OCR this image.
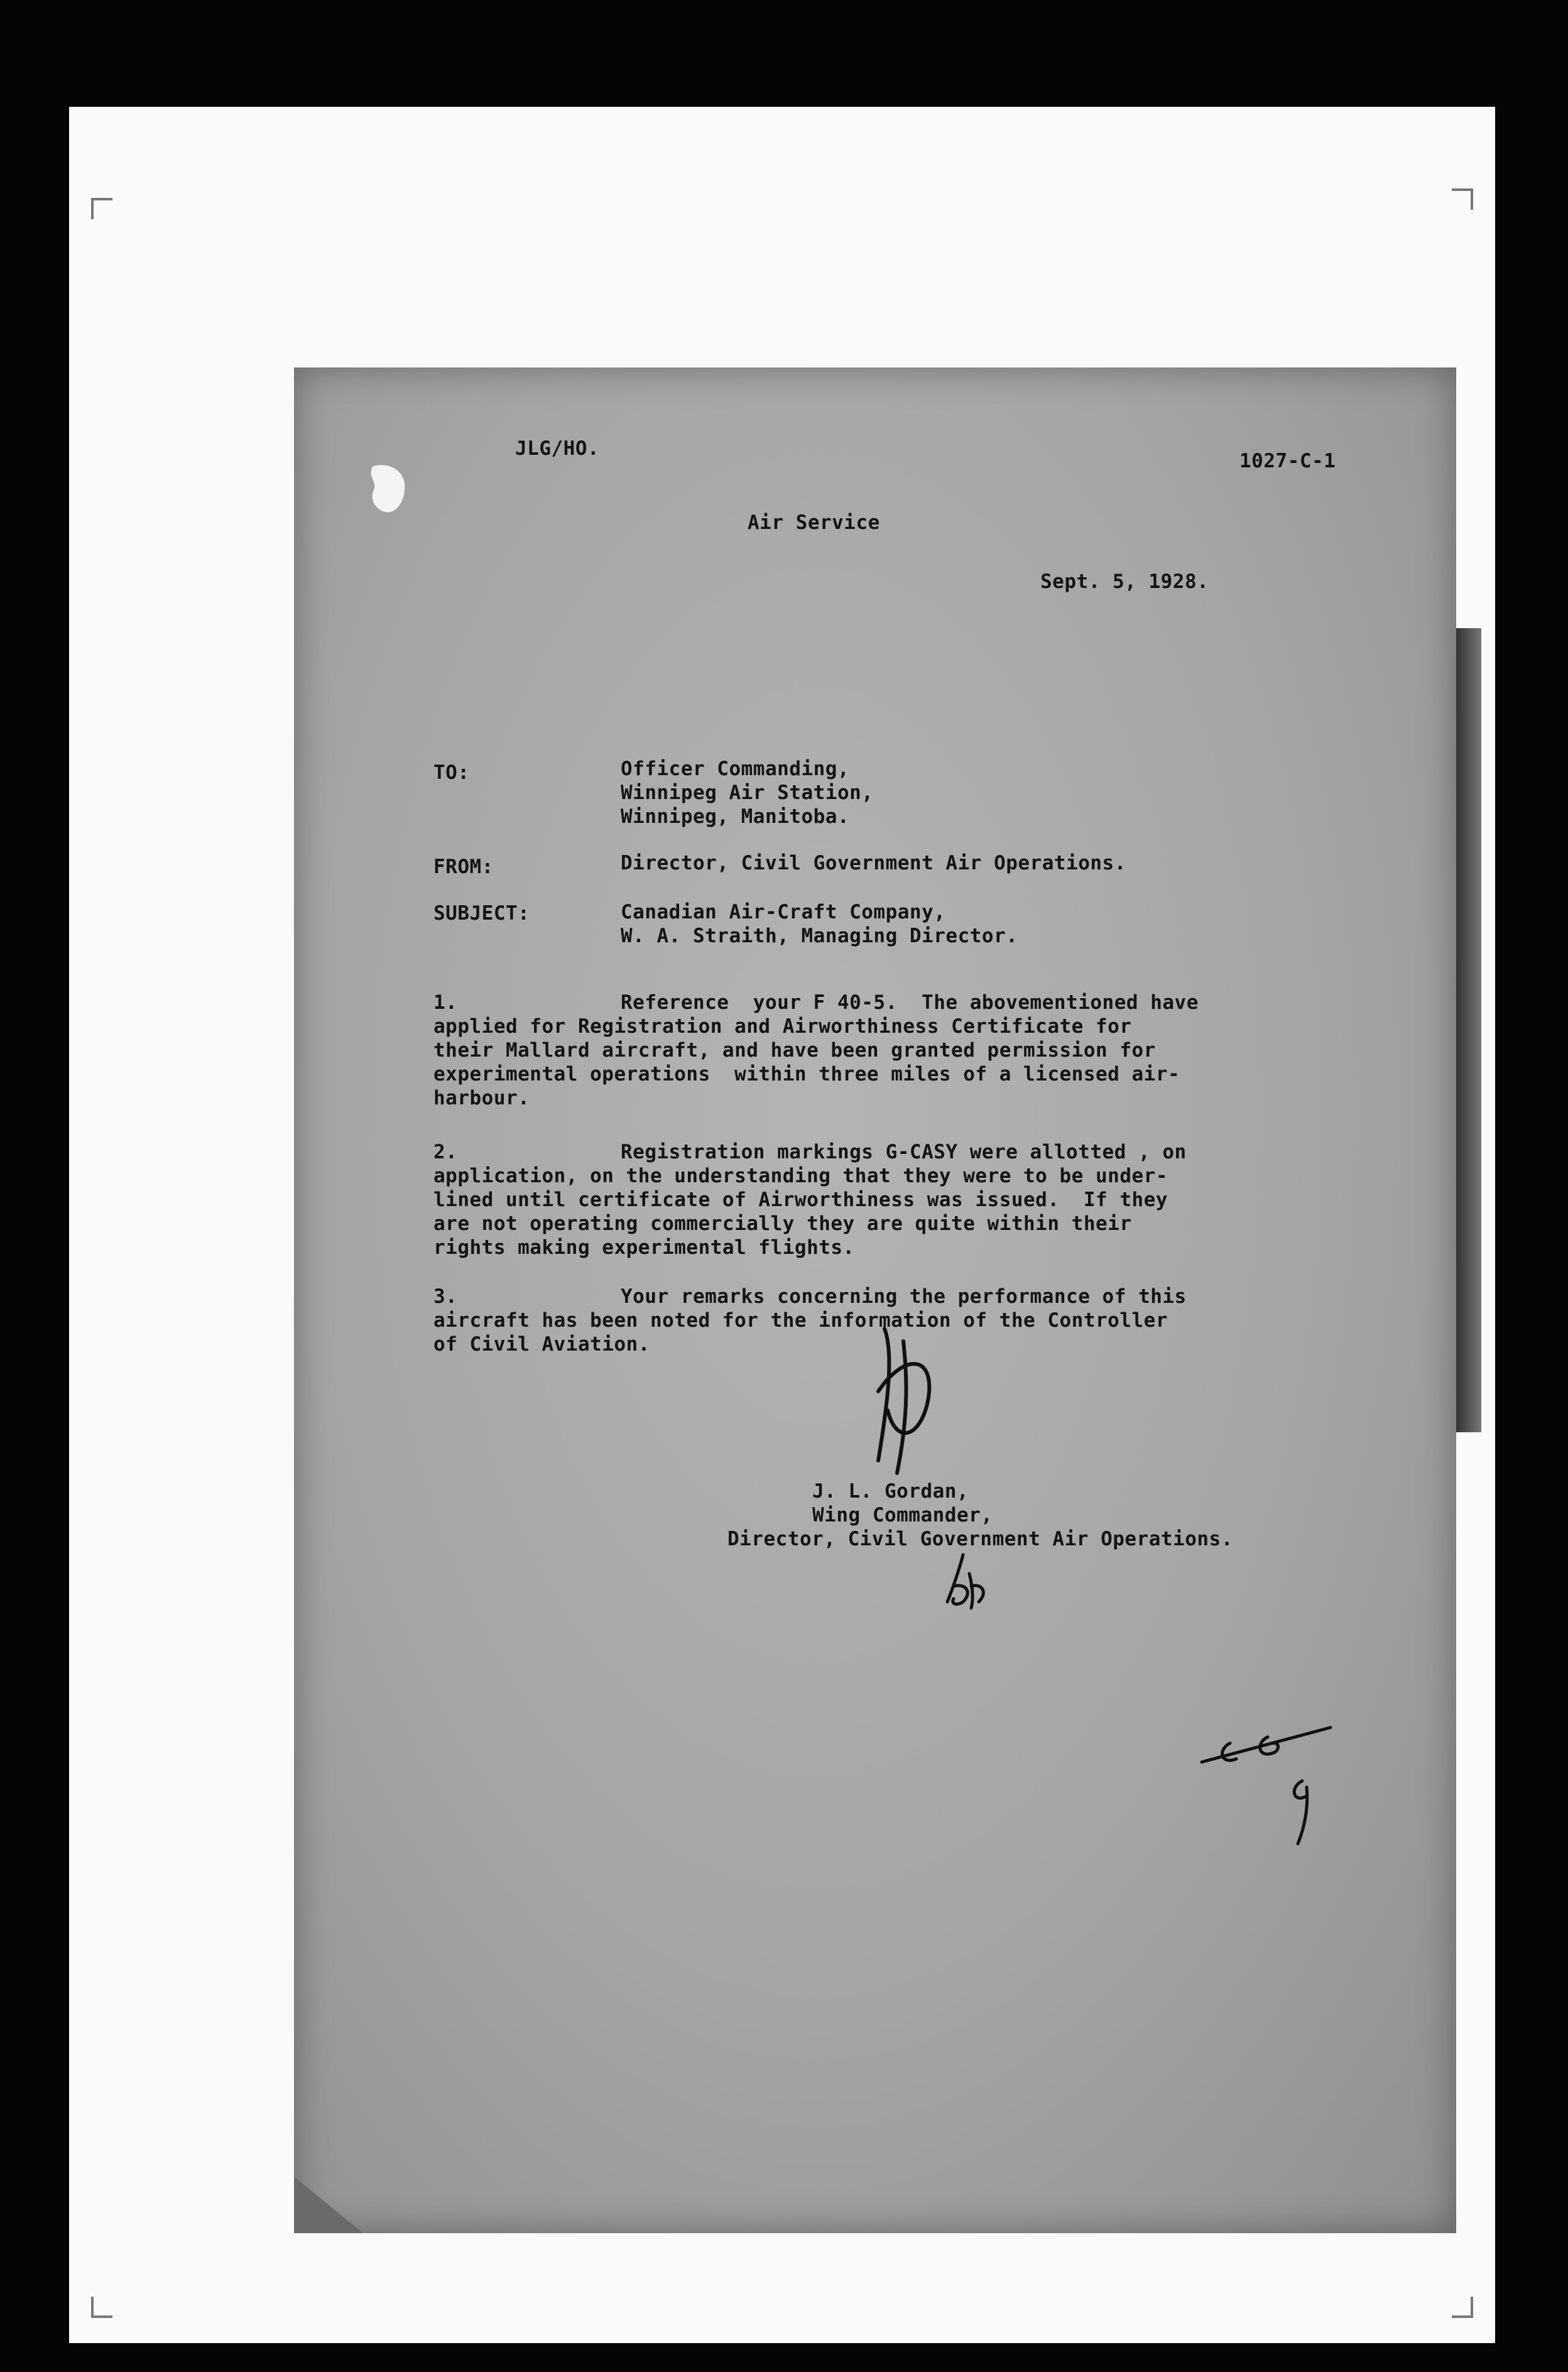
JLG/HO.

1027-C-1

Air Service

Sept. 5, 1928.

TO:	Officer Commanding,

Winnipeg Air Station,

Winnipeg, Manitoba.

FROM:	Director, Civil Government Air Operations.

SUBJECT:	Canadian Air-Craft Company,

W. A. Straith, Managing Director.

1.	Reference  your F 40-5.  The abovementioned have

applied for Registration and Airworthiness Certificate for

their Mallard aircraft, and have been granted permission for

experimental operations  within three miles of a licensed air-

harbour.

2.	Registration markings G-CASY were allotted , on

application, on the understanding that they were to be under-

lined until certificate of Airworthiness was issued.  If they

are not operating commercially they are quite within their

rights making experimental flights.

3.	Your remarks concerning the performance of this

aircraft has been noted for the information of the Controller

of Civil Aviation.

J. L. Gordan,

Wing Commander,

Director, Civil Government Air Operations.
